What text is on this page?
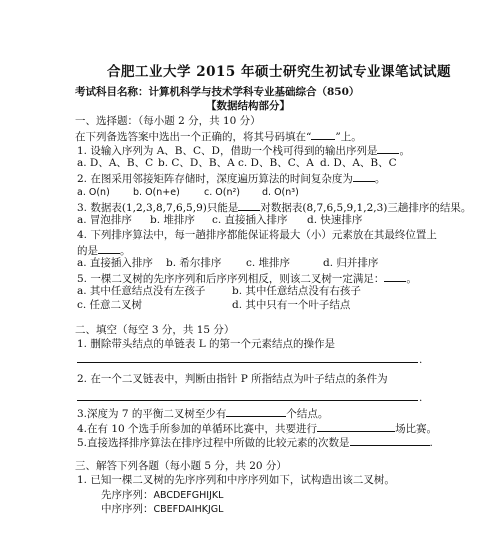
合肥工业大学 2015 年硕士研究生初试专业课笔试试题
考试科目名称：计算机科学与技术学科专业基础综合（850）
【数据结构部分】
一、选择题：（每小题 2 分，共 10 分）
在下列备选答案中选出一个正确的，将其号码填在“ ”上。
1. 设输入序列为 A、B、C、D，借助一个栈可得到的输出序列是 。
a. D、A、B、C b. C、D、B、A c. D、B、C、A d. D、A、B、C
2. 在图采用邻接矩阵存储时，深度遍历算法的时间复杂度为 。
a. O(n) b. O(n+e)	c. O(n²) d. O(n³)
3. 数据表(1,2,3,8,7,6,5,9)只能是 对数据表(8,7,6,5,9,1,2,3)三趟排序的结果。
a. 冒泡排序 b. 堆排序 c. 直接插入排序 d. 快速排序
4. 下列排序算法中，每一趟排序都能保证将最大（小）元素放在其最终位置上
的是 。
a. 直接插入排序 b. 希尔排序 c. 堆排序	d. 归并排序
5. 一棵二叉树的先序序列和后序序列相反，则该二叉树一定满足： 。
a. 其中任意结点没有左孩子	b. 其中任意结点没有右孩子
c. 任意二叉树	d. 其中只有一个叶子结点
二、填空（每空 3 分，共 15 分）
1. 删除带头结点的单链表 L 的第一个元素结点的操作是
.
2. 在一个二叉链表中，判断由指针 P 所指结点为叶子结点的条件为
.
3.深度为 7 的平衡二叉树至少有	个结点。
4.在有 10 个选手所参加的单循环比赛中，共要进行	场比赛。
5.直接选择排序算法在排序过程中所做的比较元素的次数是	.
三、解答下列各题（每小题 5 分，共 20 分）
1. 已知一棵二叉树的先序序列和中序序列如下，试构造出该二叉树。
先序序列：ABCDEFGHIJKL
中序序列：CBEFDAIHKJGL
